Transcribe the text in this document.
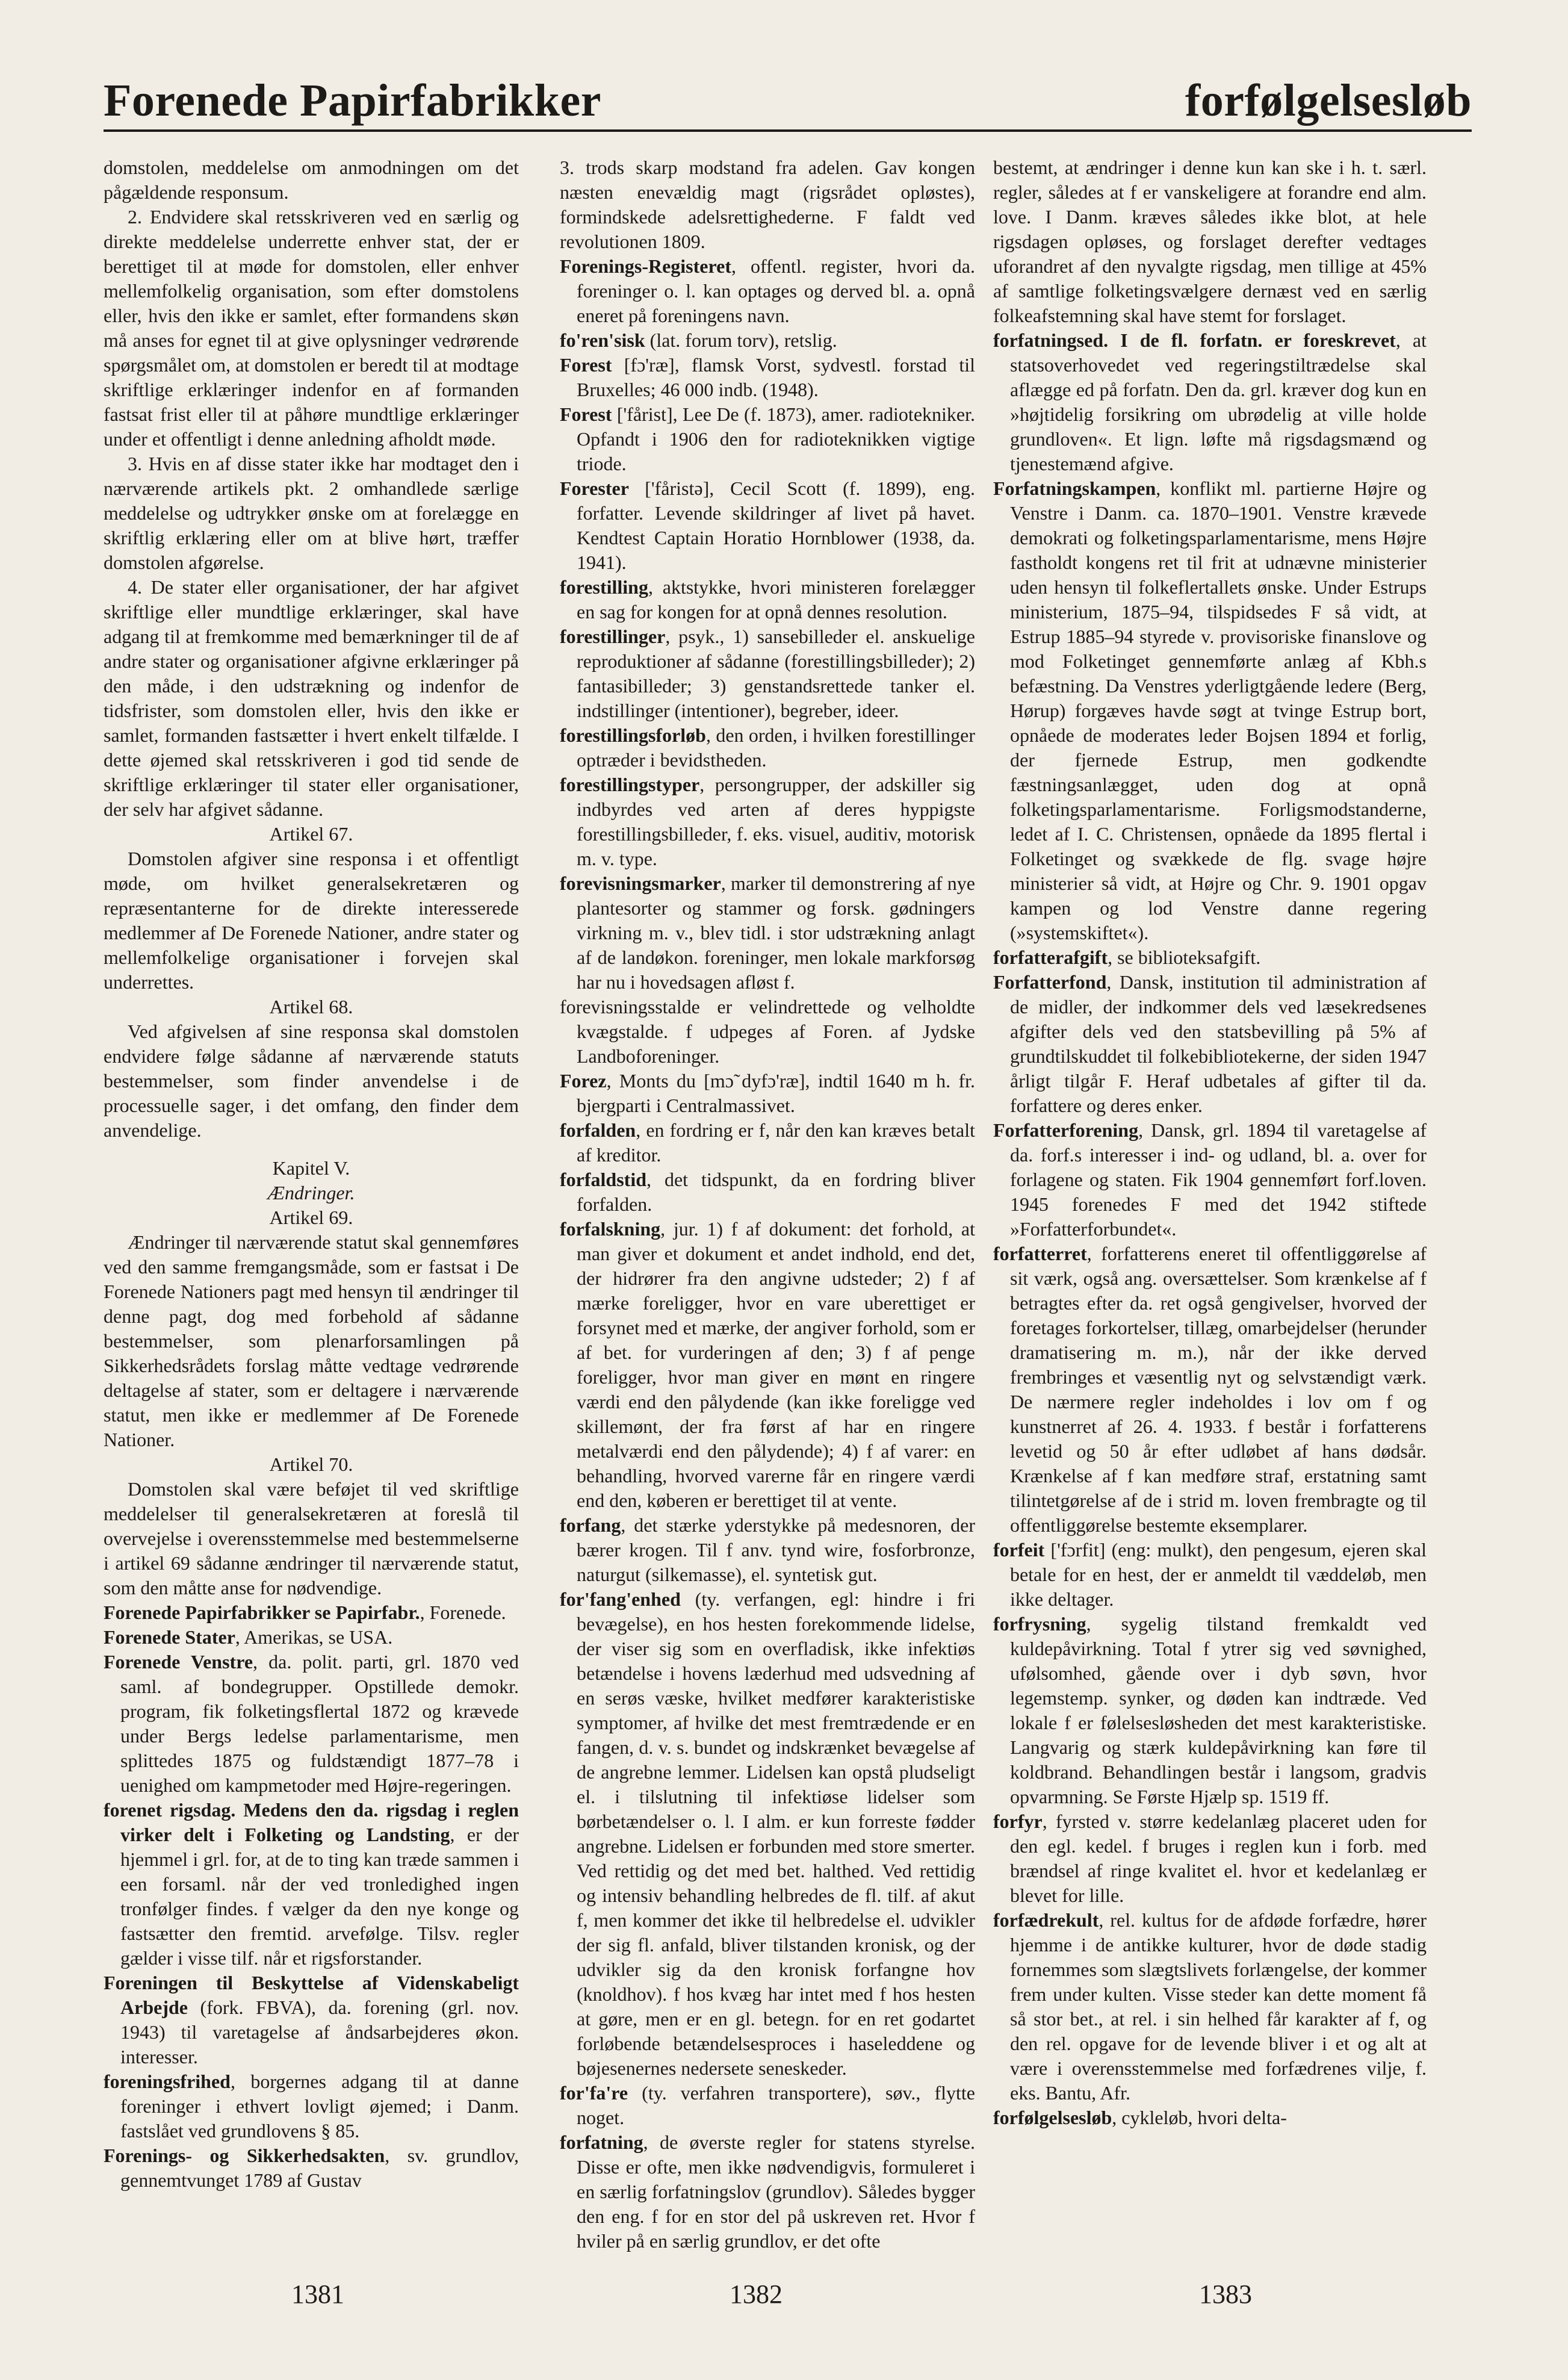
Forenede Papirfabrikker	forfølgelsesløb

domstolen, meddelelse om anmodningen om det pågældende responsum.

2. Endvidere skal retsskriveren ved en særlig og direkte meddelelse underrette enhver stat, der er berettiget til at møde for domstolen, eller enhver mellemfolkelig organisation, som efter domstolens eller, hvis den ikke er samlet, efter formandens skøn må anses for egnet til at give oplysninger vedrørende spørgsmålet om, at domstolen er beredt til at modtage skriftlige erklæringer indenfor en af formanden fastsat frist eller til at påhøre mundtlige erklæringer under et offentligt i denne anledning afholdt møde.

3. Hvis en af disse stater ikke har modtaget den i nærværende artikels pkt. 2 omhandlede særlige meddelelse og udtrykker ønske om at forelægge en skriftlig erklæring eller om at blive hørt, træffer domstolen afgørelse.

4. De stater eller organisationer, der har afgivet skriftlige eller mundtlige erklæringer, skal have adgang til at fremkomme med bemærkninger til de af andre stater og organisationer afgivne erklæringer på den måde, i den udstrækning og indenfor de tidsfrister, som domstolen eller, hvis den ikke er samlet, formanden fastsætter i hvert enkelt tilfælde. I dette øjemed skal retsskriveren i god tid sende de skriftlige erklæringer til stater eller organisationer, der selv har afgivet sådanne.

Artikel 67.

Domstolen afgiver sine responsa i et offentligt møde, om hvilket generalsekretæren og repræsentanterne for de direkte interesserede medlemmer af De Forenede Nationer, andre stater og mellemfolkelige organisationer i forvejen skal underrettes.

Artikel 68.

Ved afgivelsen af sine responsa skal domstolen endvidere følge sådanne af nærværende statuts bestemmelser, som finder anvendelse i de processuelle sager, i det omfang, den finder dem anvendelige.

Kapitel V.

Ændringer.

Artikel 69.

Ændringer til nærværende statut skal gennemføres ved den samme fremgangsmåde, som er fastsat i De Forenede Nationers pagt med hensyn til ændringer til denne pagt, dog med forbehold af sådanne bestemmelser, som plenarforsamlingen på Sikkerhedsrådets forslag måtte vedtage vedrørende deltagelse af stater, som er deltagere i nærværende statut, men ikke er medlemmer af De Forenede Nationer.

Artikel 70.

Domstolen skal være beføjet til ved skriftlige meddelelser til generalsekretæren at foreslå til overvejelse i overensstemmelse med bestemmelserne i artikel 69 sådanne ændringer til nærværende statut, som den måtte anse for nødvendige.

Forenede Papirfabrikker se Papirfabr., Forenede.

Forenede Stater, Amerikas, se USA.

Forenede Venstre, da. polit. parti, grl. 1870 ved saml. af bondegrupper. Opstillede demokr. program, fik folketingsflertal 1872 og krævede under Bergs ledelse parlamentarisme, men splittedes 1875 og fuldstændigt 1877–78 i uenighed om kampmetoder med Højre-regeringen.

forenet rigsdag. Medens den da. rigsdag i reglen virker delt i Folketing og Landsting, er der hjemmel i grl. for, at de to ting kan træde sammen i een forsaml. når der ved tronledighed ingen tronfølger findes. f vælger da den nye konge og fastsætter den fremtid. arvefølge. Tilsv. regler gælder i visse tilf. når et rigsforstander.

Foreningen til Beskyttelse af Videnskabeligt Arbejde (fork. FBVA), da. forening (grl. nov. 1943) til varetagelse af åndsarbejderes økon. interesser.

foreningsfrihed, borgernes adgang til at danne foreninger i ethvert lovligt øjemed; i Danm. fastslået ved grundlovens § 85.

Forenings- og Sikkerhedsakten, sv. grundlov, gennemtvunget 1789 af Gustav

3. trods skarp modstand fra adelen. Gav kongen næsten enevældig magt (rigsrådet opløstes), formindskede adelsrettighederne. F faldt ved revolutionen 1809.

Forenings-Registeret, offentl. register, hvori da. foreninger o. l. kan optages og derved bl. a. opnå eneret på foreningens navn.

fo'ren'sisk (lat. forum torv), retslig.

Forest [fɔ'ræ], flamsk Vorst, sydvestl. forstad til Bruxelles; 46 000 indb. (1948).

Forest ['fårist], Lee De (f. 1873), amer. radiotekniker. Opfandt i 1906 den for radioteknikken vigtige triode.

Forester ['fåristə], Cecil Scott (f. 1899), eng. forfatter. Levende skildringer af livet på havet. Kendtest Captain Horatio Hornblower (1938, da. 1941).

forestilling, aktstykke, hvori ministeren forelægger en sag for kongen for at opnå dennes resolution.

forestillinger, psyk., 1) sansebilleder el. anskuelige reproduktioner af sådanne (forestillingsbilleder); 2) fantasibilleder; 3) genstandsrettede tanker el. indstillinger (intentioner), begreber, ideer.

forestillingsforløb, den orden, i hvilken forestillinger optræder i bevidstheden.

forestillingstyper, persongrupper, der adskiller sig indbyrdes ved arten af deres hyppigste forestillingsbilleder, f. eks. visuel, auditiv, motorisk m. v. type.

forevisningsmarker, marker til demonstrering af nye plantesorter og stammer og forsk. gødningers virkning m. v., blev tidl. i stor udstrækning anlagt af de landøkon. foreninger, men lokale markforsøg har nu i hovedsagen afløst f.

forevisningsstalde er velindrettede og velholdte kvægstalde. f udpeges af Foren. af Jydske Landboforeninger.

Forez, Monts du [mɔ̃ dyfɔ'ræ], indtil 1640 m h. fr. bjergparti i Centralmassivet.

forfalden, en fordring er f, når den kan kræves betalt af kreditor.

forfaldstid, det tidspunkt, da en fordring bliver forfalden.

forfalskning, jur. 1) f af dokument: det forhold, at man giver et dokument et andet indhold, end det, der hidrører fra den angivne udsteder; 2) f af mærke foreligger, hvor en vare uberettiget er forsynet med et mærke, der angiver forhold, som er af bet. for vurderingen af den; 3) f af penge foreligger, hvor man giver en mønt en ringere værdi end den pålydende (kan ikke foreligge ved skillemønt, der fra først af har en ringere metalværdi end den pålydende); 4) f af varer: en behandling, hvorved varerne får en ringere værdi end den, køberen er berettiget til at vente.

forfang, det stærke yderstykke på medesnoren, der bærer krogen. Til f anv. tynd wire, fosforbronze, naturgut (silkemasse), el. syntetisk gut.

for'fang'enhed (ty. verfangen, egl: hindre i fri bevægelse), en hos hesten forekommende lidelse, der viser sig som en overfladisk, ikke infektiøs betændelse i hovens læderhud med udsvedning af en serøs væske, hvilket medfører karakteristiske symptomer, af hvilke det mest fremtrædende er en fangen, d. v. s. bundet og indskrænket bevægelse af de angrebne lemmer. Lidelsen kan opstå pludseligt el. i tilslutning til infektiøse lidelser som børbetændelser o. l. I alm. er kun forreste fødder angrebne. Lidelsen er forbunden med store smerter. Ved rettidig og det med bet. halthed. Ved rettidig og intensiv behandling helbredes de fl. tilf. af akut f, men kommer det ikke til helbredelse el. udvikler der sig fl. anfald, bliver tilstanden kronisk, og der udvikler sig da den kronisk forfangne hov (knoldhov). f hos kvæg har intet med f hos hesten at gøre, men er en gl. betegn. for en ret godartet forløbende betændelsesproces i haseleddene og bøjesenernes nedersete seneskeder.

for'fa're (ty. verfahren transportere), søv., flytte noget.

forfatning, de øverste regler for statens styrelse. Disse er ofte, men ikke nødvendigvis, formuleret i en særlig forfatningslov (grundlov). Således bygger den eng. f for en stor del på uskreven ret. Hvor f hviler på en særlig grundlov, er det ofte

bestemt, at ændringer i denne kun kan ske i h. t. særl. regler, således at f er vanskeligere at forandre end alm. love. I Danm. kræves således ikke blot, at hele rigsdagen opløses, og forslaget derefter vedtages uforandret af den nyvalgte rigsdag, men tillige at 45% af samtlige folketingsvælgere dernæst ved en særlig folkeafstemning skal have stemt for forslaget.

forfatningsed. I de fl. forfatn. er foreskrevet, at statsoverhovedet ved regeringstiltrædelse skal aflægge ed på forfatn. Den da. grl. kræver dog kun en »højtidelig forsikring om ubrødelig at ville holde grundloven«. Et lign. løfte må rigsdagsmænd og tjenestemænd afgive.

Forfatningskampen, konflikt ml. partierne Højre og Venstre i Danm. ca. 1870–1901. Venstre krævede demokrati og folketingsparlamentarisme, mens Højre fastholdt kongens ret til frit at udnævne ministerier uden hensyn til folkeflertallets ønske. Under Estrups ministerium, 1875–94, tilspidsedes F så vidt, at Estrup 1885–94 styrede v. provisoriske finanslove og mod Folketinget gennemførte anlæg af Kbh.s befæstning. Da Venstres yderligtgående ledere (Berg, Hørup) forgæves havde søgt at tvinge Estrup bort, opnåede de moderates leder Bojsen 1894 et forlig, der fjernede Estrup, men godkendte fæstningsanlægget, uden dog at opnå folketingsparlamentarisme. Forligsmodstanderne, ledet af I. C. Christensen, opnåede da 1895 flertal i Folketinget og svækkede de flg. svage højre ministerier så vidt, at Højre og Chr. 9. 1901 opgav kampen og lod Venstre danne regering (»systemskiftet«).

forfatterafgift, se biblioteksafgift.

Forfatterfond, Dansk, institution til administration af de midler, der indkommer dels ved læsekredsenes afgifter dels ved den statsbevilling på 5% af grundtilskuddet til folkebibliotekerne, der siden 1947 årligt tilgår F. Heraf udbetales af gifter til da. forfattere og deres enker.

Forfatterforening, Dansk, grl. 1894 til varetagelse af da. forf.s interesser i ind- og udland, bl. a. over for forlagene og staten. Fik 1904 gennemført forf.loven. 1945 forenedes F med det 1942 stiftede »Forfatterforbundet«.

forfatterret, forfatterens eneret til offentliggørelse af sit værk, også ang. oversættelser. Som krænkelse af f betragtes efter da. ret også gengivelser, hvorved der foretages forkortelser, tillæg, omarbejdelser (herunder dramatisering m. m.), når der ikke derved frembringes et væsentlig nyt og selvstændigt værk. De nærmere regler indeholdes i lov om f og kunstnerret af 26. 4. 1933. f består i forfatterens levetid og 50 år efter udløbet af hans dødsår. Krænkelse af f kan medføre straf, erstatning samt tilintetgørelse af de i strid m. loven frembragte og til offentliggørelse bestemte eksemplarer.

forfeit ['fɔrfit] (eng: mulkt), den pengesum, ejeren skal betale for en hest, der er anmeldt til væddeløb, men ikke deltager.

forfrysning, sygelig tilstand fremkaldt ved kuldepåvirkning. Total f ytrer sig ved søvnighed, ufølsomhed, gående over i dyb søvn, hvor legemstemp. synker, og døden kan indtræde. Ved lokale f er følelsesløsheden det mest karakteristiske. Langvarig og stærk kuldepåvirkning kan føre til koldbrand. Behandlingen består i langsom, gradvis opvarmning. Se Første Hjælp sp. 1519 ff.

forfyr, fyrsted v. større kedelanlæg placeret uden for den egl. kedel. f bruges i reglen kun i forb. med brændsel af ringe kvalitet el. hvor et kedelanlæg er blevet for lille.

forfædrekult, rel. kultus for de afdøde forfædre, hører hjemme i de antikke kulturer, hvor de døde stadig fornemmes som slægtslivets forlængelse, der kommer frem under kulten. Visse steder kan dette moment få så stor bet., at rel. i sin helhed får karakter af f, og den rel. opgave for de levende bliver i et og alt at være i overensstemmelse med forfædrenes vilje, f. eks. Bantu, Afr.

forfølgelsesløb, cykleløb, hvori delta-

1381	1382	1383
